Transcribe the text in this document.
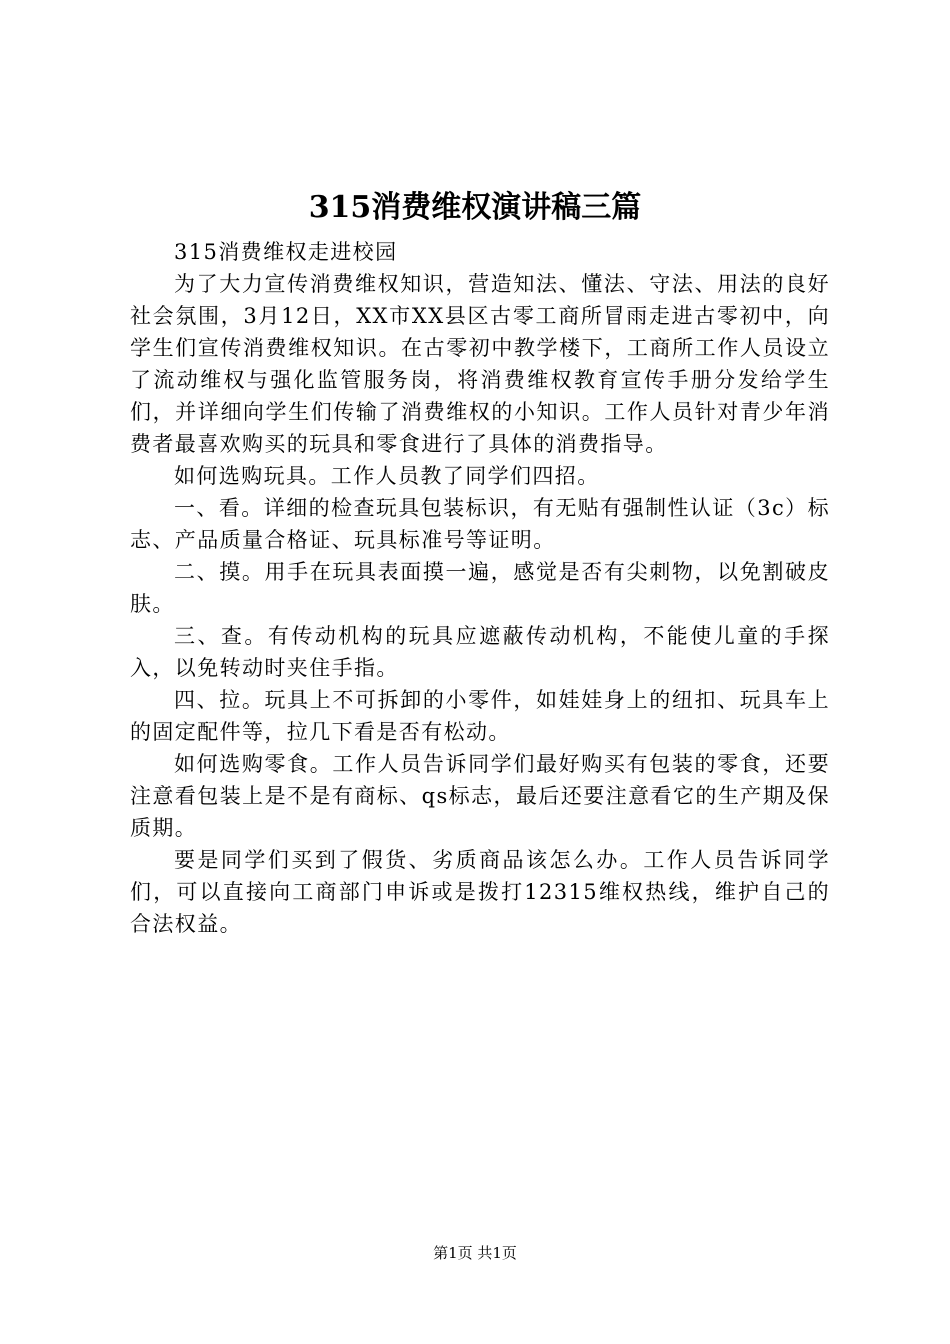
315消费维权演讲稿三篇

315消费维权走进校园

为了大力宣传消费维权知识，营造知法、懂法、守法、用法的良好社会氛围，3月12日，XX市XX县区古零工商所冒雨走进古零初中，向学生们宣传消费维权知识。在古零初中教学楼下，工商所工作人员设立了流动维权与强化监管服务岗，将消费维权教育宣传手册分发给学生们，并详细向学生们传输了消费维权的小知识。工作人员针对青少年消费者最喜欢购买的玩具和零食进行了具体的消费指导。

如何选购玩具。工作人员教了同学们四招。

一、看。详细的检查玩具包装标识，有无贴有强制性认证（3c）标志、产品质量合格证、玩具标准号等证明。

二、摸。用手在玩具表面摸一遍，感觉是否有尖刺物，以免割破皮肤。

三、查。有传动机构的玩具应遮蔽传动机构，不能使儿童的手探入，以免转动时夹住手指。

四、拉。玩具上不可拆卸的小零件，如娃娃身上的纽扣、玩具车上的固定配件等，拉几下看是否有松动。

如何选购零食。工作人员告诉同学们最好购买有包装的零食，还要注意看包装上是不是有商标、qs标志，最后还要注意看它的生产期及保质期。

要是同学们买到了假货、劣质商品该怎么办。工作人员告诉同学们，可以直接向工商部门申诉或是拨打12315维权热线，维护自己的合法权益。

第1页 共1页
